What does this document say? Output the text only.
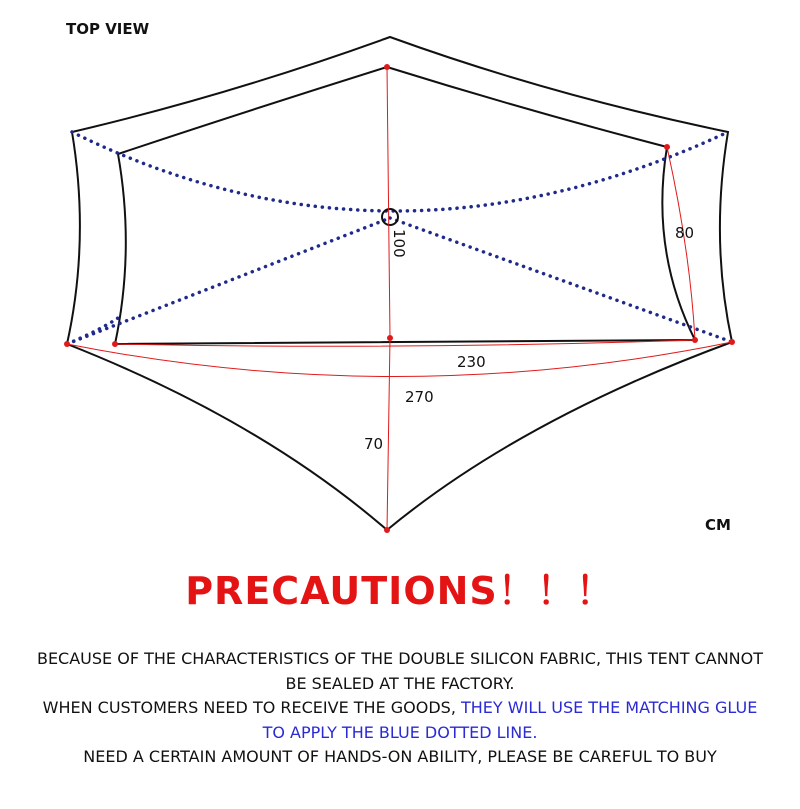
TOP VIEW
100	80
230
270
70
CM
PRECAUTIONS！！！
BECAUSE OF THE CHARACTERISTICS OF THE DOUBLE SILICON FABRIC, THIS TENT CANNOT BE SEALED AT THE FACTORY.
WHEN CUSTOMERS NEED TO RECEIVE THE GOODS, THEY WILL USE THE MATCHING GLUE TO APPLY THE BLUE DOTTED LINE.
NEED A CERTAIN AMOUNT OF HANDS-ON ABILITY, PLEASE BE CAREFUL TO BUY
